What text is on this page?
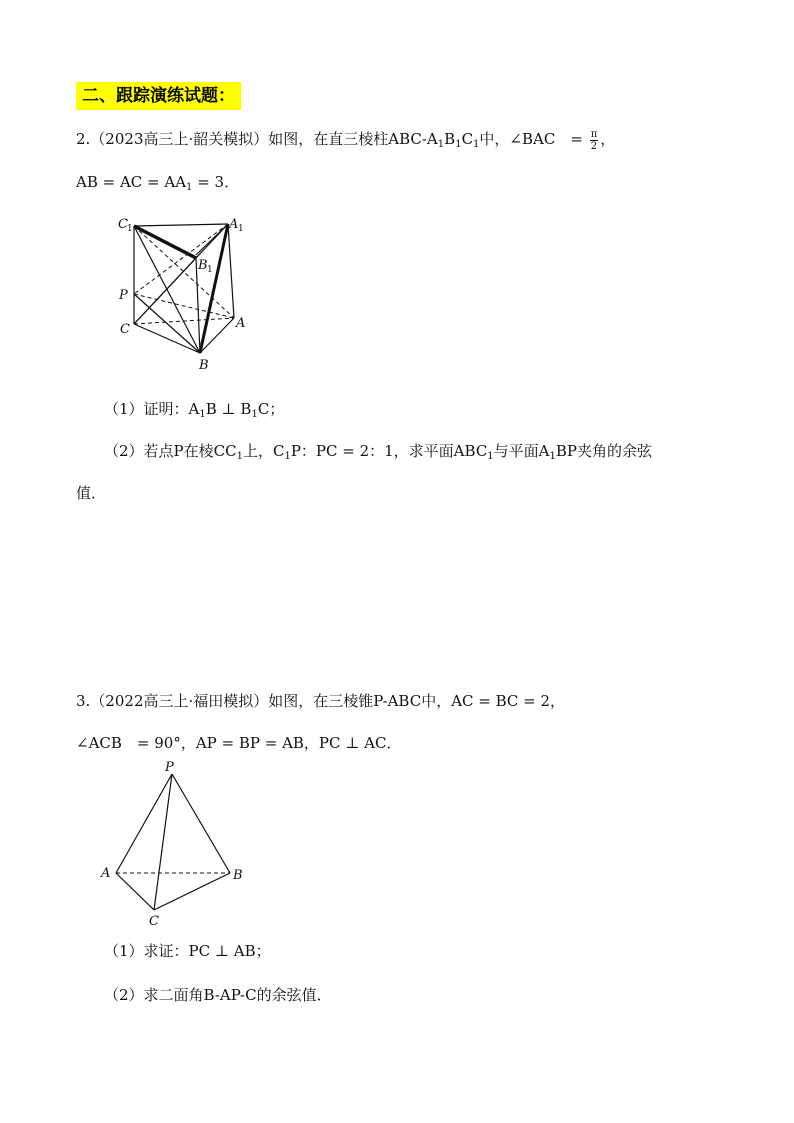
二、跟踪演练试题：
2.（2023高三上·韶关模拟）如图，在直三棱柱ABC-$A_1B_1C_1$中，∠BAC　= $\frac{\pi}{2}$ ，
AB = AC = $AA_1 = 3$．
C 1	A 1
B 1
P
C	A
B
（1）证明：$A_1B$ ⊥ $B_1C$；
（2）若点P在棱$CC_1$上，$C_1P$：PC = 2：1，求平面$ABC_1$与平面$A_1BP$夹角的余弦
值．
3.（2022高三上·福田模拟）如图，在三棱锥P-ABC中，AC = BC = 2，
∠ACB　= 90°，AP = BP = AB，PC ⊥ AC．
P
A	B
C
（1）求证：PC ⊥ AB；
（2）求二面角B-AP-C的余弦值．
